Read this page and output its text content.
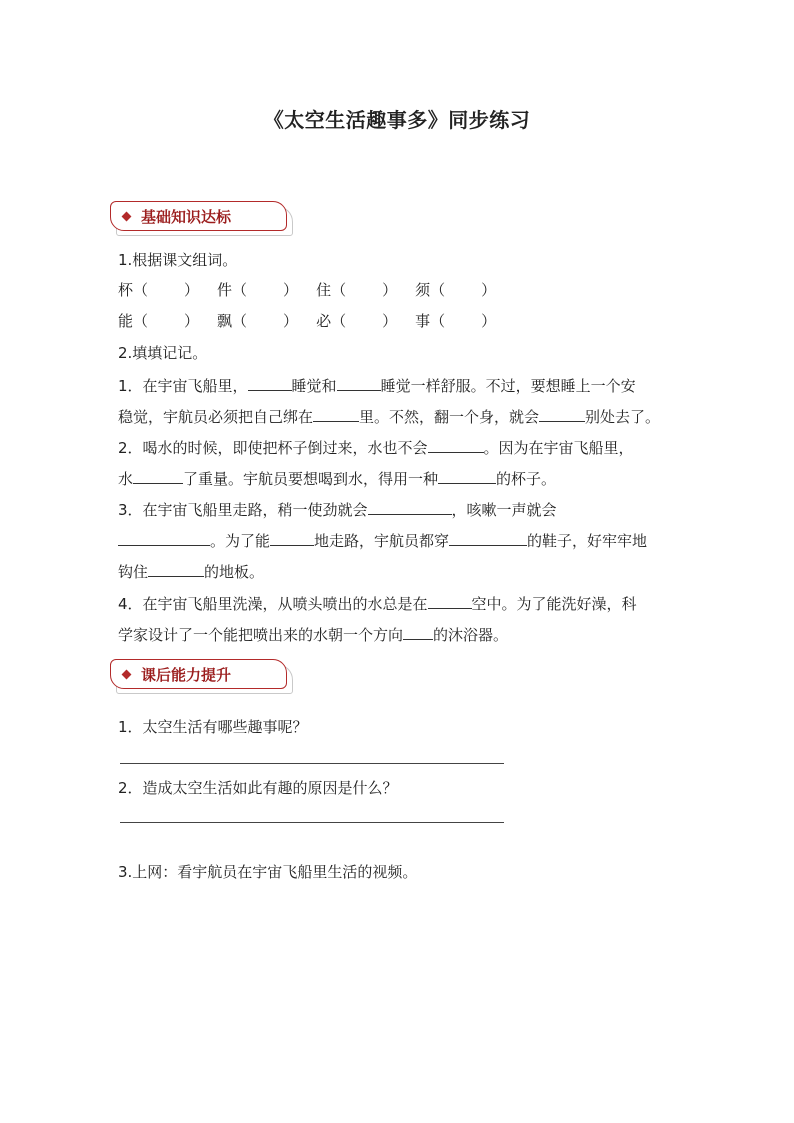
《太空生活趣事多》同步练习
基础知识达标
1.根据课文组词。
杯（ ） 件（ ） 住（ ） 须（ ）
能（ ） 飘（ ） 必（ ） 事（ ）
2.填填记记。
1．在宇宙飞船里，	睡觉和	睡觉一样舒服。不过，要想睡上一个安
稳觉，宇航员必须把自己绑在	里。不然，翻一个身，就会	别处去了。
2．喝水的时候，即使把杯子倒过来，水也不会	。因为在宇宙飞船里，
水	了重量。宇航员要想喝到水，得用一种	的杯子。
3．在宇宙飞船里走路，稍一使劲就会	，咳嗽一声就会
。为了能	地走路，宇航员都穿	的鞋子，好牢牢地
钩住	的地板。
4．在宇宙飞船里洗澡，从喷头喷出的水总是在	空中。为了能洗好澡，科
学家设计了一个能把喷出来的水朝一个方向 的沐浴器。
课后能力提升
1．太空生活有哪些趣事呢？
2．造成太空生活如此有趣的原因是什么？
3.上网：看宇航员在宇宙飞船里生活的视频。
